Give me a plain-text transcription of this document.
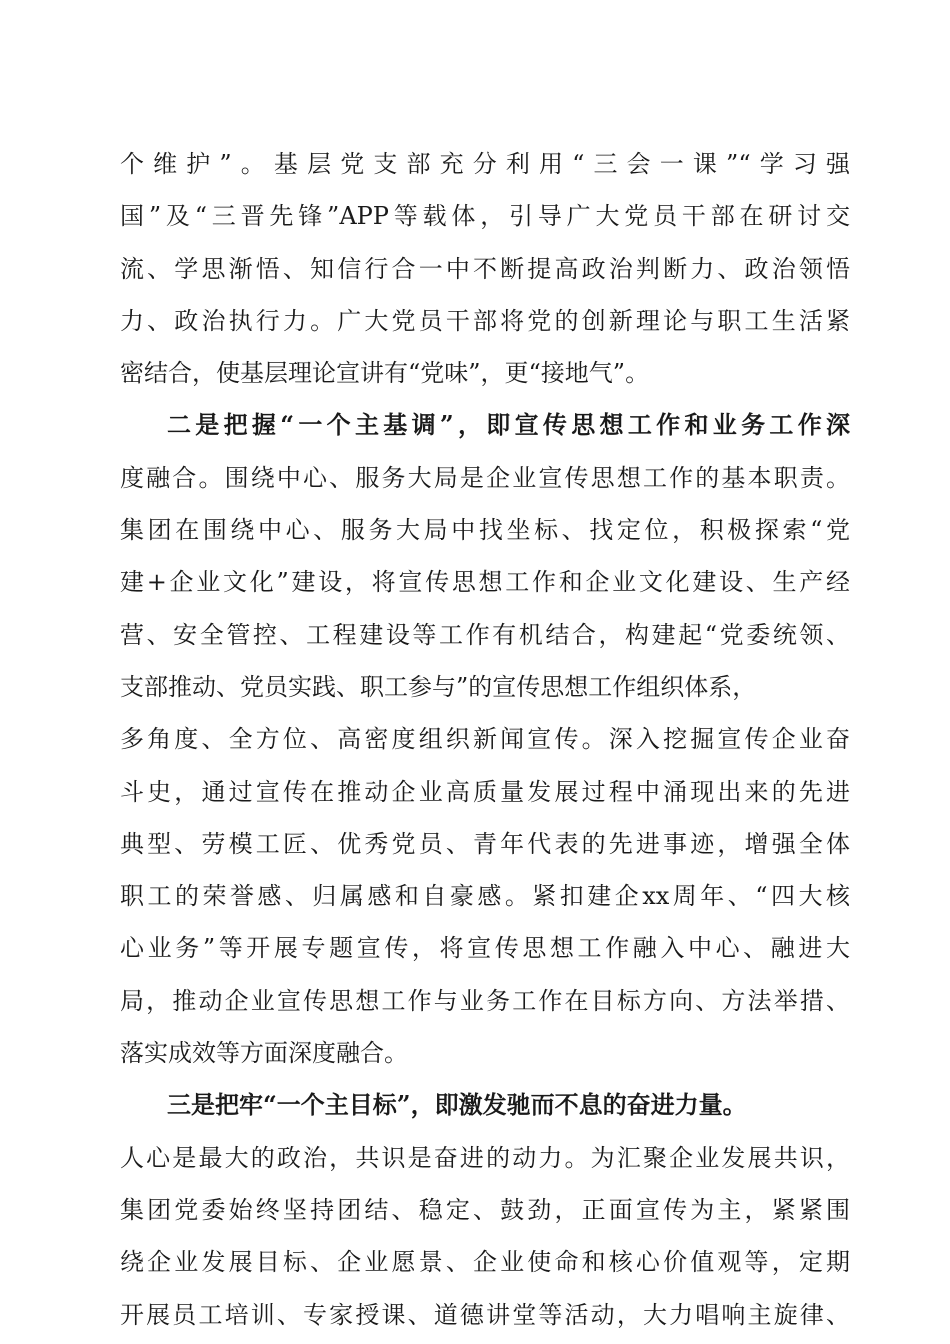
个维护”。基层党支部充分利用“三会一课”“学习强
国”及“三晋先锋”APP等载体，引导广大党员干部在研讨交
流、学思渐悟、知信行合一中不断提高政治判断力、政治领悟
力、政治执行力。广大党员干部将党的创新理论与职工生活紧
密结合，使基层理论宣讲有“党味”，更“接地气”。
二是把握“一个主基调”，即宣传思想工作和业务工作深
度融合。围绕中心、服务大局是企业宣传思想工作的基本职责。
集团在围绕中心、服务大局中找坐标、找定位，积极探索“党
建+企业文化”建设，将宣传思想工作和企业文化建设、生产经
营、安全管控、工程建设等工作有机结合，构建起“党委统领、
支部推动、党员实践、职工参与”的宣传思想工作组织体系，
多角度、全方位、高密度组织新闻宣传。深入挖掘宣传企业奋
斗史，通过宣传在推动企业高质量发展过程中涌现出来的先进
典型、劳模工匠、优秀党员、青年代表的先进事迹，增强全体
职工的荣誉感、归属感和自豪感。紧扣建企xx周年、“四大核
心业务”等开展专题宣传，将宣传思想工作融入中心、融进大
局，推动企业宣传思想工作与业务工作在目标方向、方法举措、
落实成效等方面深度融合。
三是把牢“一个主目标”，即激发驰而不息的奋进力量。
人心是最大的政治，共识是奋进的动力。为汇聚企业发展共识，
集团党委始终坚持团结、稳定、鼓劲，正面宣传为主，紧紧围
绕企业发展目标、企业愿景、企业使命和核心价值观等，定期
开展员工培训、专家授课、道德讲堂等活动，大力唱响主旋律、
